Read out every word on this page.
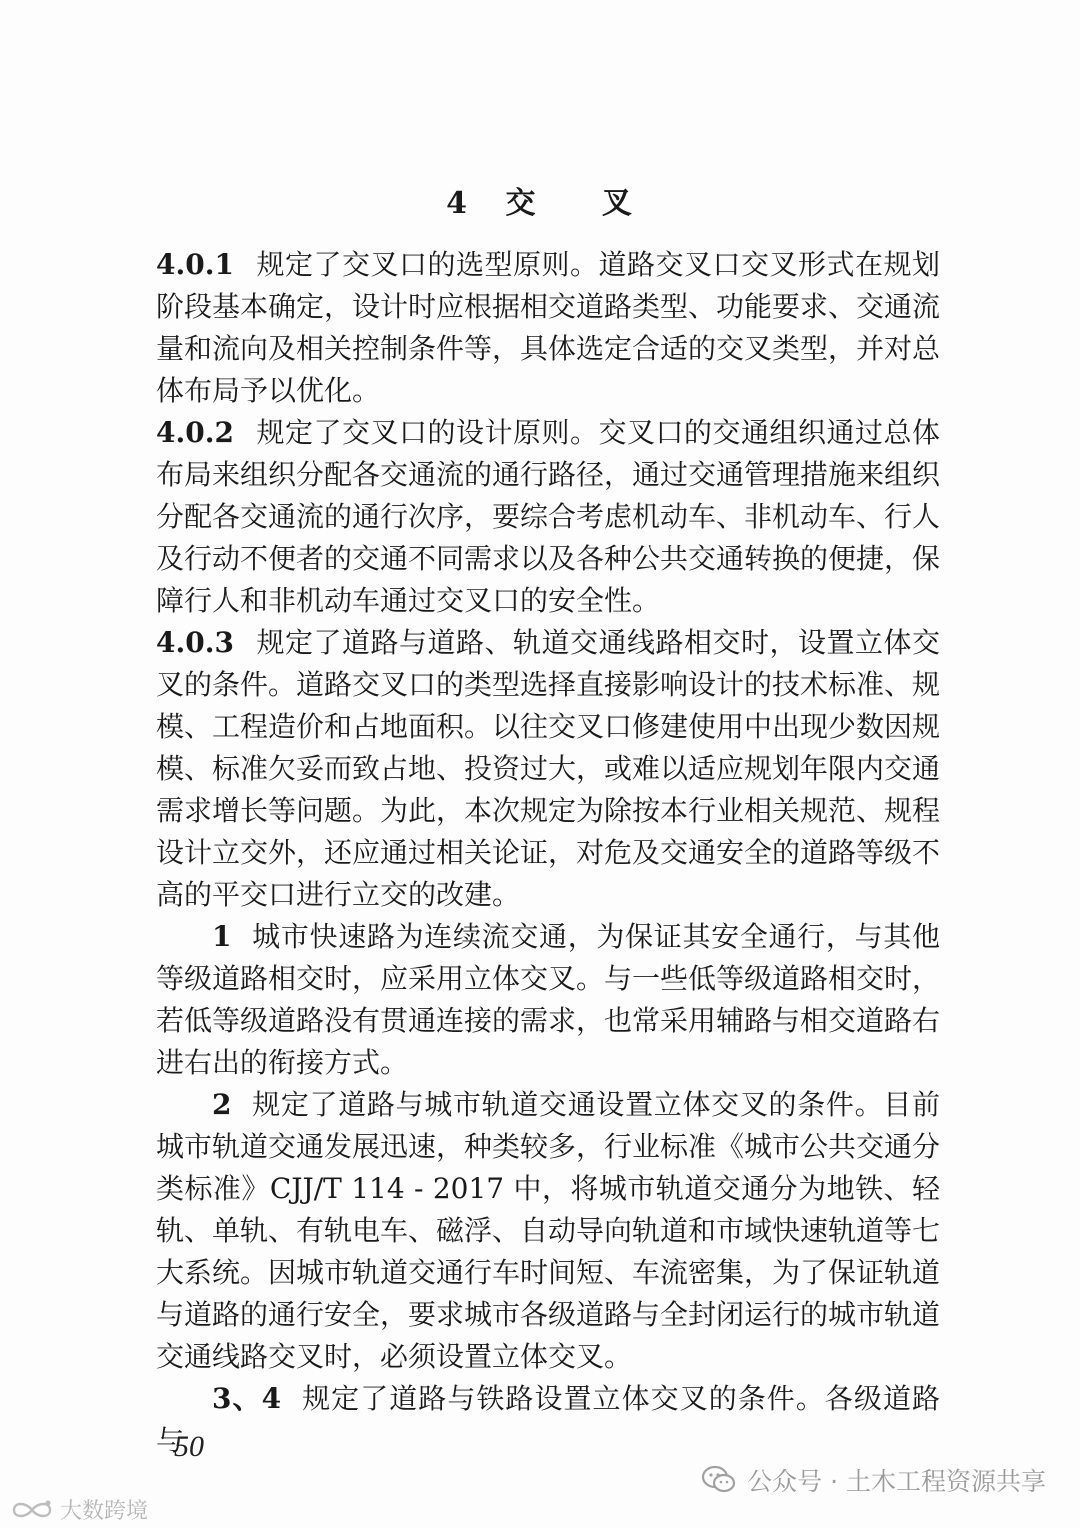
4 交 叉

4.0.1 规定了交叉口的选型原则。道路交叉口交叉形式在规划阶段基本确定，设计时应根据相交道路类型、功能要求、交通流量和流向及相关控制条件等，具体选定合适的交叉类型，并对总体布局予以优化。

4.0.2 规定了交叉口的设计原则。交叉口的交通组织通过总体布局来组织分配各交通流的通行路径，通过交通管理措施来组织分配各交通流的通行次序，要综合考虑机动车、非机动车、行人及行动不便者的交通不同需求以及各种公共交通转换的便捷，保障行人和非机动车通过交叉口的安全性。

4.0.3 规定了道路与道路、轨道交通线路相交时，设置立体交叉的条件。道路交叉口的类型选择直接影响设计的技术标准、规模、工程造价和占地面积。以往交叉口修建使用中出现少数因规模、标准欠妥而致占地、投资过大，或难以适应规划年限内交通需求增长等问题。为此，本次规定为除按本行业相关规范、规程设计立交外，还应通过相关论证，对危及交通安全的道路等级不高的平交口进行立交的改建。

1 城市快速路为连续流交通，为保证其安全通行，与其他等级道路相交时，应采用立体交叉。与一些低等级道路相交时，若低等级道路没有贯通连接的需求，也常采用辅路与相交道路右进右出的衔接方式。

2 规定了道路与城市轨道交通设置立体交叉的条件。目前城市轨道交通发展迅速，种类较多，行业标准《城市公共交通分类标准》CJJ/T 114 - 2017 中，将城市轨道交通分为地铁、轻轨、单轨、有轨电车、磁浮、自动导向轨道和市域快速轨道等七大系统。因城市轨道交通行车时间短、车流密集，为了保证轨道与道路的通行安全，要求城市各级道路与全封闭运行的城市轨道交通线路交叉时，必须设置立体交叉。

3、4 规定了道路与铁路设置立体交叉的条件。各级道路与

50
公众号 · 土木工程资源共享
大数跨境
